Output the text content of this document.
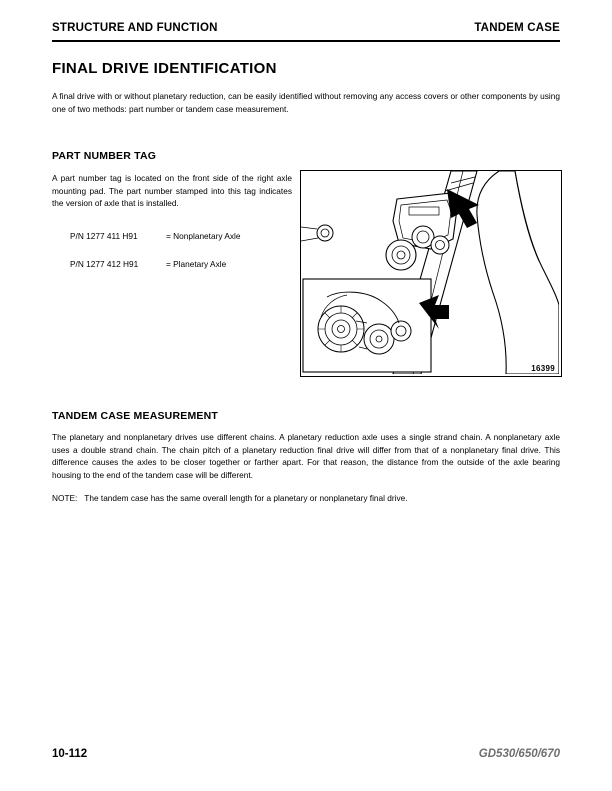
STRUCTURE AND FUNCTION	TANDEM CASE
FINAL DRIVE IDENTIFICATION
A final drive with or without planetary reduction, can be easily identified without removing any access covers or other components by using one of two methods: part number or tandem case measurement.
PART NUMBER TAG
A part number tag is located on the front side of the right axle mounting pad. The part number stamped into this tag indicates the version of axle that is installed.
P/N 1277 411 H91	= Nonplanetary Axle
P/N 1277 412 H91	= Planetary Axle
16399
TANDEM CASE MEASUREMENT
The planetary and nonplanetary drives use different chains. A planetary reduction axle uses a single strand chain. A nonplanetary axle uses a double strand chain. The chain pitch of a planetary reduction final drive will differ from that of a nonplanetary final drive. This difference causes the axles to be closer together or farther apart. For that reason, the distance from the outside of the axle bearing housing to the end of the tandem case will be different.
NOTE: The tandem case has the same overall length for a planetary or nonplanetary final drive.
10-112	GD530/650/670
